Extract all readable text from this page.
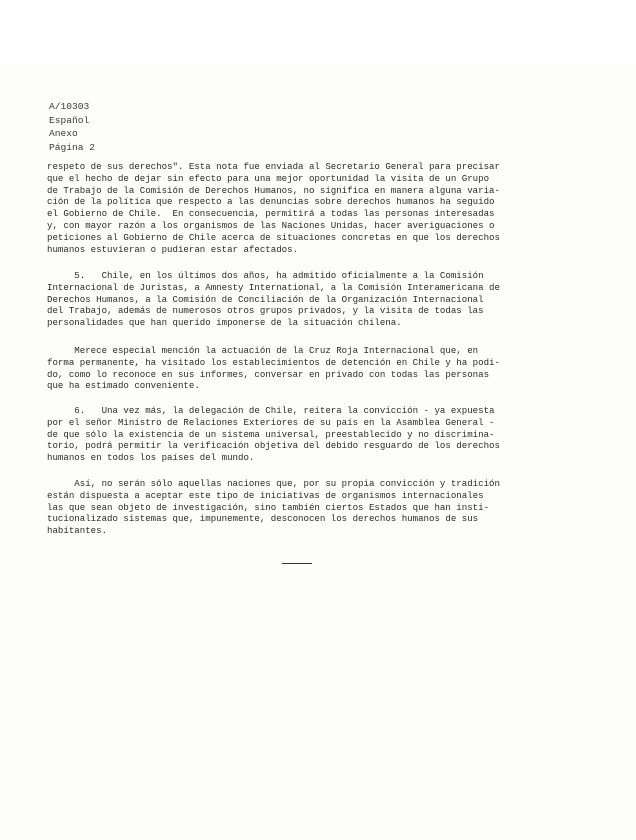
A/10303
Español
Anexo
Página 2
respeto de sus derechos". Esta nota fue enviada al Secretario General para precisar
que el hecho de dejar sin efecto para una mejor oportunidad la visita de un Grupo
de Trabajo de la Comisión de Derechos Humanos, no significa en manera alguna varia-
ción de la política que respecto a las denuncias sobre derechos humanos ha seguido
el Gobierno de Chile.  En consecuencia, permitirá a todas las personas interesadas
y, con mayor razón a los organismos de las Naciones Unidas, hacer averiguaciones o
peticiones al Gobierno de Chile acerca de situaciones concretas en que los derechos
humanos estuvieran o pudieran estar afectados.
5.   Chile, en los últimos dos años, ha admitido oficialmente a la Comisión
Internacional de Juristas, a Amnesty International, a la Comisión Interamericana de
Derechos Humanos, a la Comisión de Conciliación de la Organización Internacional
del Trabajo, además de numerosos otros grupos privados, y la visita de todas las
personalidades que han querido imponerse de la situación chilena.
Merece especial mención la actuación de la Cruz Roja Internacional que, en
forma permanente, ha visitado los establecimientos de detención en Chile y ha podi-
do, como lo reconoce en sus informes, conversar en privado con todas las personas
que ha estimado conveniente.
6.   Una vez más, la delegación de Chile, reitera la convicción - ya expuesta
por el señor Ministro de Relaciones Exteriores de su país en la Asamblea General -
de que sólo la existencia de un sistema universal, preestablecido y no discrimina-
torio, podrá permitir la verificación objetiva del debido resguardo de los derechos
humanos en todos los países del mundo.
Así, no serán sólo aquellas naciones que, por su propia convicción y tradición
están dispuesta a aceptar este tipo de iniciativas de organismos internacionales
las que sean objeto de investigación, sino también ciertos Estados que han insti-
tucionalizado sistemas que, impunemente, desconocen los derechos humanos de sus
habitantes.
